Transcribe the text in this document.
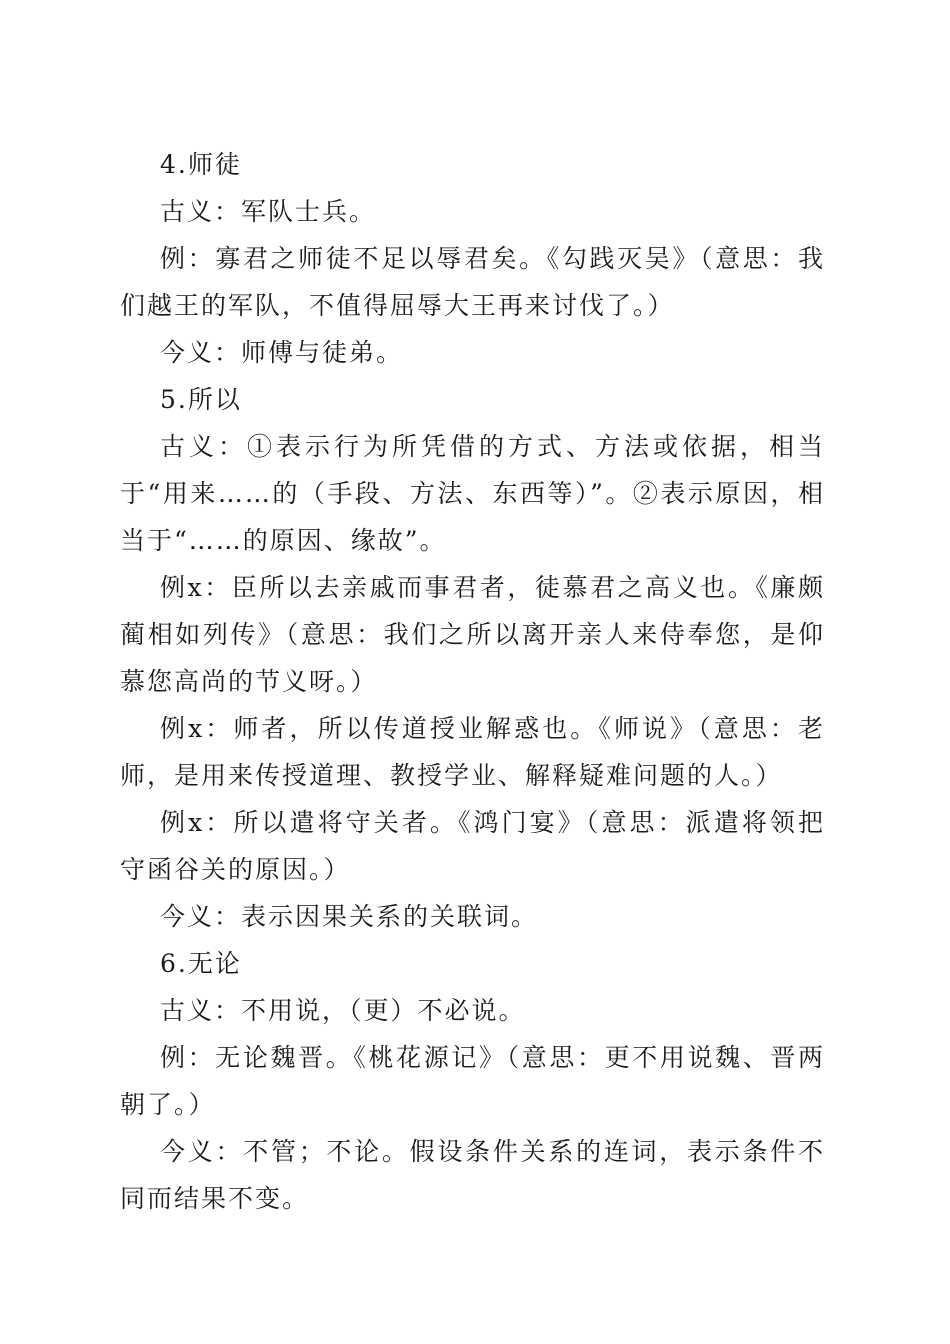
4.师徒

古义：军队士兵。

例：寡君之师徒不足以辱君矣。《勾践灭吴》（意思：我们越王的军队，不值得屈辱大王再来讨伐了。）

今义：师傅与徒弟。

5.所以

古义：①表示行为所凭借的方式、方法或依据，相当于“用来……的（手段、方法、东西等）”。②表示原因，相当于“……的原因、缘故”。

例x：臣所以去亲戚而事君者，徒慕君之高义也。《廉颇蔺相如列传》（意思：我们之所以离开亲人来侍奉您，是仰慕您高尚的节义呀。）

例x：师者，所以传道授业解惑也。《师说》（意思：老师，是用来传授道理、教授学业、解释疑难问题的人。）

例x：所以遣将守关者。《鸿门宴》（意思：派遣将领把守函谷关的原因。）

今义：表示因果关系的关联词。

6.无论

古义：不用说，（更）不必说。

例：无论魏晋。《桃花源记》（意思：更不用说魏、晋两朝了。）

今义：不管；不论。假设条件关系的连词，表示条件不同而结果不变。
